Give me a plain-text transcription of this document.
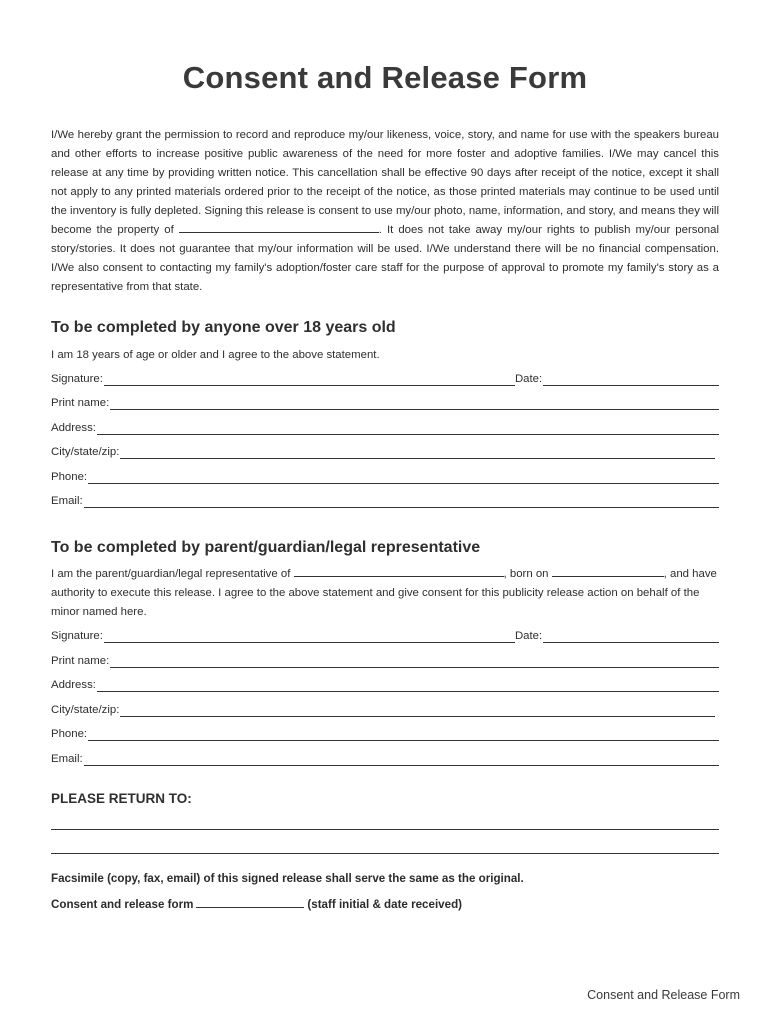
Consent and Release Form
I/We hereby grant the permission to record and reproduce my/our likeness, voice, story, and name for use with the speakers bureau and other efforts to increase positive public awareness of the need for more foster and adoptive families. I/We may cancel this release at any time by providing written notice. This cancellation shall be effective 90 days after receipt of the notice, except it shall not apply to any printed materials ordered prior to the receipt of the notice, as those printed materials may continue to be used until the inventory is fully depleted. Signing this release is consent to use my/our photo, name, information, and story, and means they will become the property of	. It does not take away my/our rights to publish my/our personal story/stories. It does not guarantee that my/our information will be used. I/We understand there will be no financial compensation. I/We also consent to contacting my family's adoption/foster care staff for the purpose of approval to promote my family's story as a representative from that state.
To be completed by anyone over 18 years old
I am 18 years of age or older and I agree to the above statement.
Signature:	Date:
Print name:
Address:
City/state/zip:
Phone:
Email:
To be completed by parent/guardian/legal representative
I am the parent/guardian/legal representative of	, born on	, and have authority to execute this release. I agree to the above statement and give consent for this publicity release action on behalf of the minor named here.
Signature:	Date:
Print name:
Address:
City/state/zip:
Phone:
Email:
PLEASE RETURN TO:
Facsimile (copy, fax, email) of this signed release shall serve the same as the original.
Consent and release form	(staff initial & date received)
Consent and Release Form
